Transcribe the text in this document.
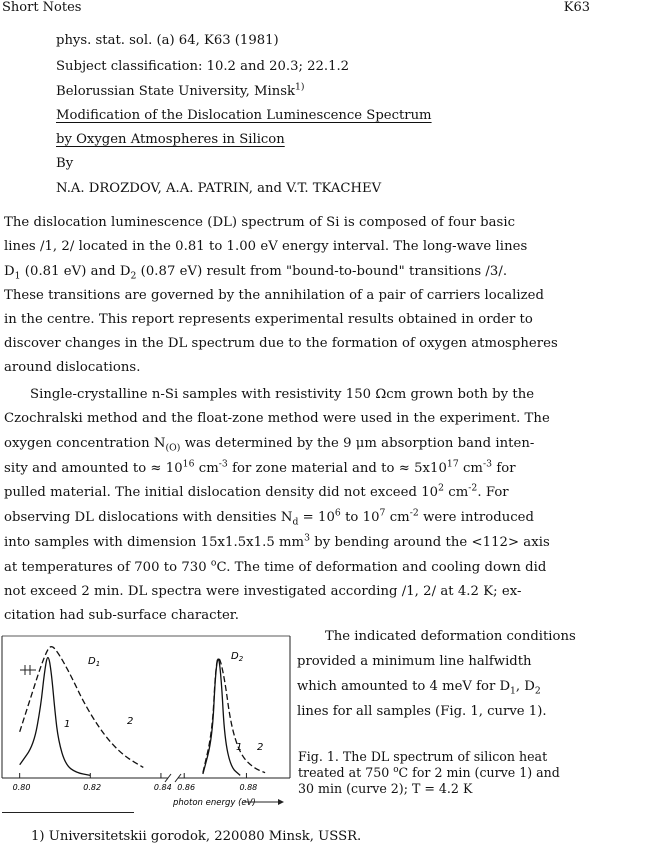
Short Notes	K63
phys. stat. sol. (a) 64, K63 (1981)
Subject classification: 10.2 and 20.3; 22.1.2
Belorussian State University, Minsk$^{1)}$
Modification of the Dislocation Luminescence Spectrum
by Oxygen Atmospheres in Silicon
By
N.A. DROZDOV, A.A. PATRIN, and V.T. TKACHEV
The dislocation luminescence (DL) spectrum of Si is composed of four basic
lines /1, 2/ located in the 0.81 to 1.00 eV energy interval. The long-wave lines
$D_1$ (0.81 eV) and $D_2$ (0.87 eV) result from "bound-to-bound" transitions /3/.
These transitions are governed by the annihilation of a pair of carriers localized
in the centre. This report represents experimental results obtained in order to
discover changes in the DL spectrum due to the formation of oxygen atmospheres
around dislocations.
Single-crystalline n-Si samples with resistivity 150 Ωcm grown both by the
Czochralski method and the float-zone method were used in the experiment. The
oxygen concentration $N_{(O)}$ was determined by the 9 μm absorption band inten-
sity and amounted to ≈ $10^{16}$ $cm^{-3}$ for zone material and to ≈ $5x10^{17}$ $cm^{-3}$ for
pulled material. The initial dislocation density did not exceed $10^2$ $cm^{-2}$. For
observing DL dislocations with densities $N_d = 10^6$ to $10^7$ $cm^{-2}$ were introduced
into samples with dimension 15x1.5x1.5 $mm^3$ by bending around the <112> axis
at temperatures of 700 to 730 $^o$C. The time of deformation and cooling down did
not exceed 2 min. DL spectra were investigated according /1, 2/ at 4.2 K; ex-
citation had sub-surface character.
0.80	0.82	0.84 0.86	0.88
$D_1$
$D_2$
1	2
1 2
photon energy (eV)
The indicated deformation conditions
provided a minimum line halfwidth
which amounted to 4 meV for $D_1$, $D_2$
lines for all samples (Fig. 1, curve 1).
Fig. 1. The DL spectrum of silicon heat
treated at 750 $^o$C for 2 min (curve 1) and
30 min (curve 2); T = 4.2 K
1) Universitetskii gorodok, 220080 Minsk, USSR.
